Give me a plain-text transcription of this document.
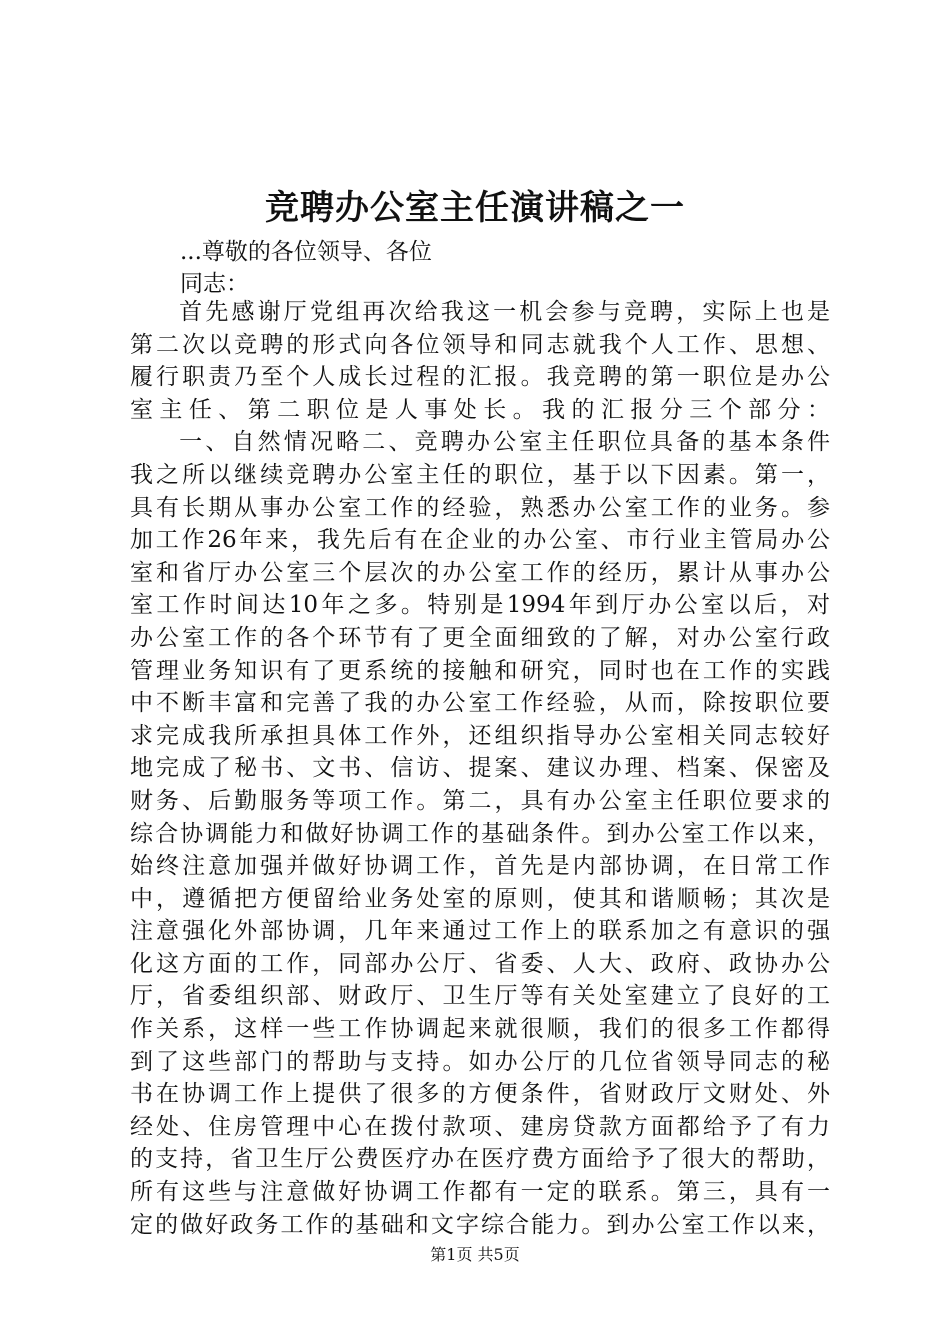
竞聘办公室主任演讲稿之一
...尊敬的各位领导、各位
同志：
首先感谢厅党组再次给我这一机会参与竞聘，实际上也是
第二次以竞聘的形式向各位领导和同志就我个人工作、思想、
履行职责乃至个人成长过程的汇报。我竞聘的第一职位是办公
室主任、第二职位是人事处长。我的汇报分三个部分：
一、自然情况略二、竞聘办公室主任职位具备的基本条件
我之所以继续竞聘办公室主任的职位，基于以下因素。第一，
具有长期从事办公室工作的经验，熟悉办公室工作的业务。参
加工作26年来，我先后有在企业的办公室、市行业主管局办公
室和省厅办公室三个层次的办公室工作的经历，累计从事办公
室工作时间达10年之多。特别是1994年到厅办公室以后，对
办公室工作的各个环节有了更全面细致的了解，对办公室行政
管理业务知识有了更系统的接触和研究，同时也在工作的实践
中不断丰富和完善了我的办公室工作经验，从而，除按职位要
求完成我所承担具体工作外，还组织指导办公室相关同志较好
地完成了秘书、文书、信访、提案、建议办理、档案、保密及
财务、后勤服务等项工作。第二，具有办公室主任职位要求的
综合协调能力和做好协调工作的基础条件。到办公室工作以来，
始终注意加强并做好协调工作，首先是内部协调，在日常工作
中，遵循把方便留给业务处室的原则，使其和谐顺畅；其次是
注意强化外部协调，几年来通过工作上的联系加之有意识的强
化这方面的工作，同部办公厅、省委、人大、政府、政协办公
厅，省委组织部、财政厅、卫生厅等有关处室建立了良好的工
作关系，这样一些工作协调起来就很顺，我们的很多工作都得
到了这些部门的帮助与支持。如办公厅的几位省领导同志的秘
书在协调工作上提供了很多的方便条件，省财政厅文财处、外
经处、住房管理中心在拨付款项、建房贷款方面都给予了有力
的支持，省卫生厅公费医疗办在医疗费方面给予了很大的帮助，
所有这些与注意做好协调工作都有一定的联系。第三，具有一
定的做好政务工作的基础和文字综合能力。到办公室工作以来，
第1页 共5页
